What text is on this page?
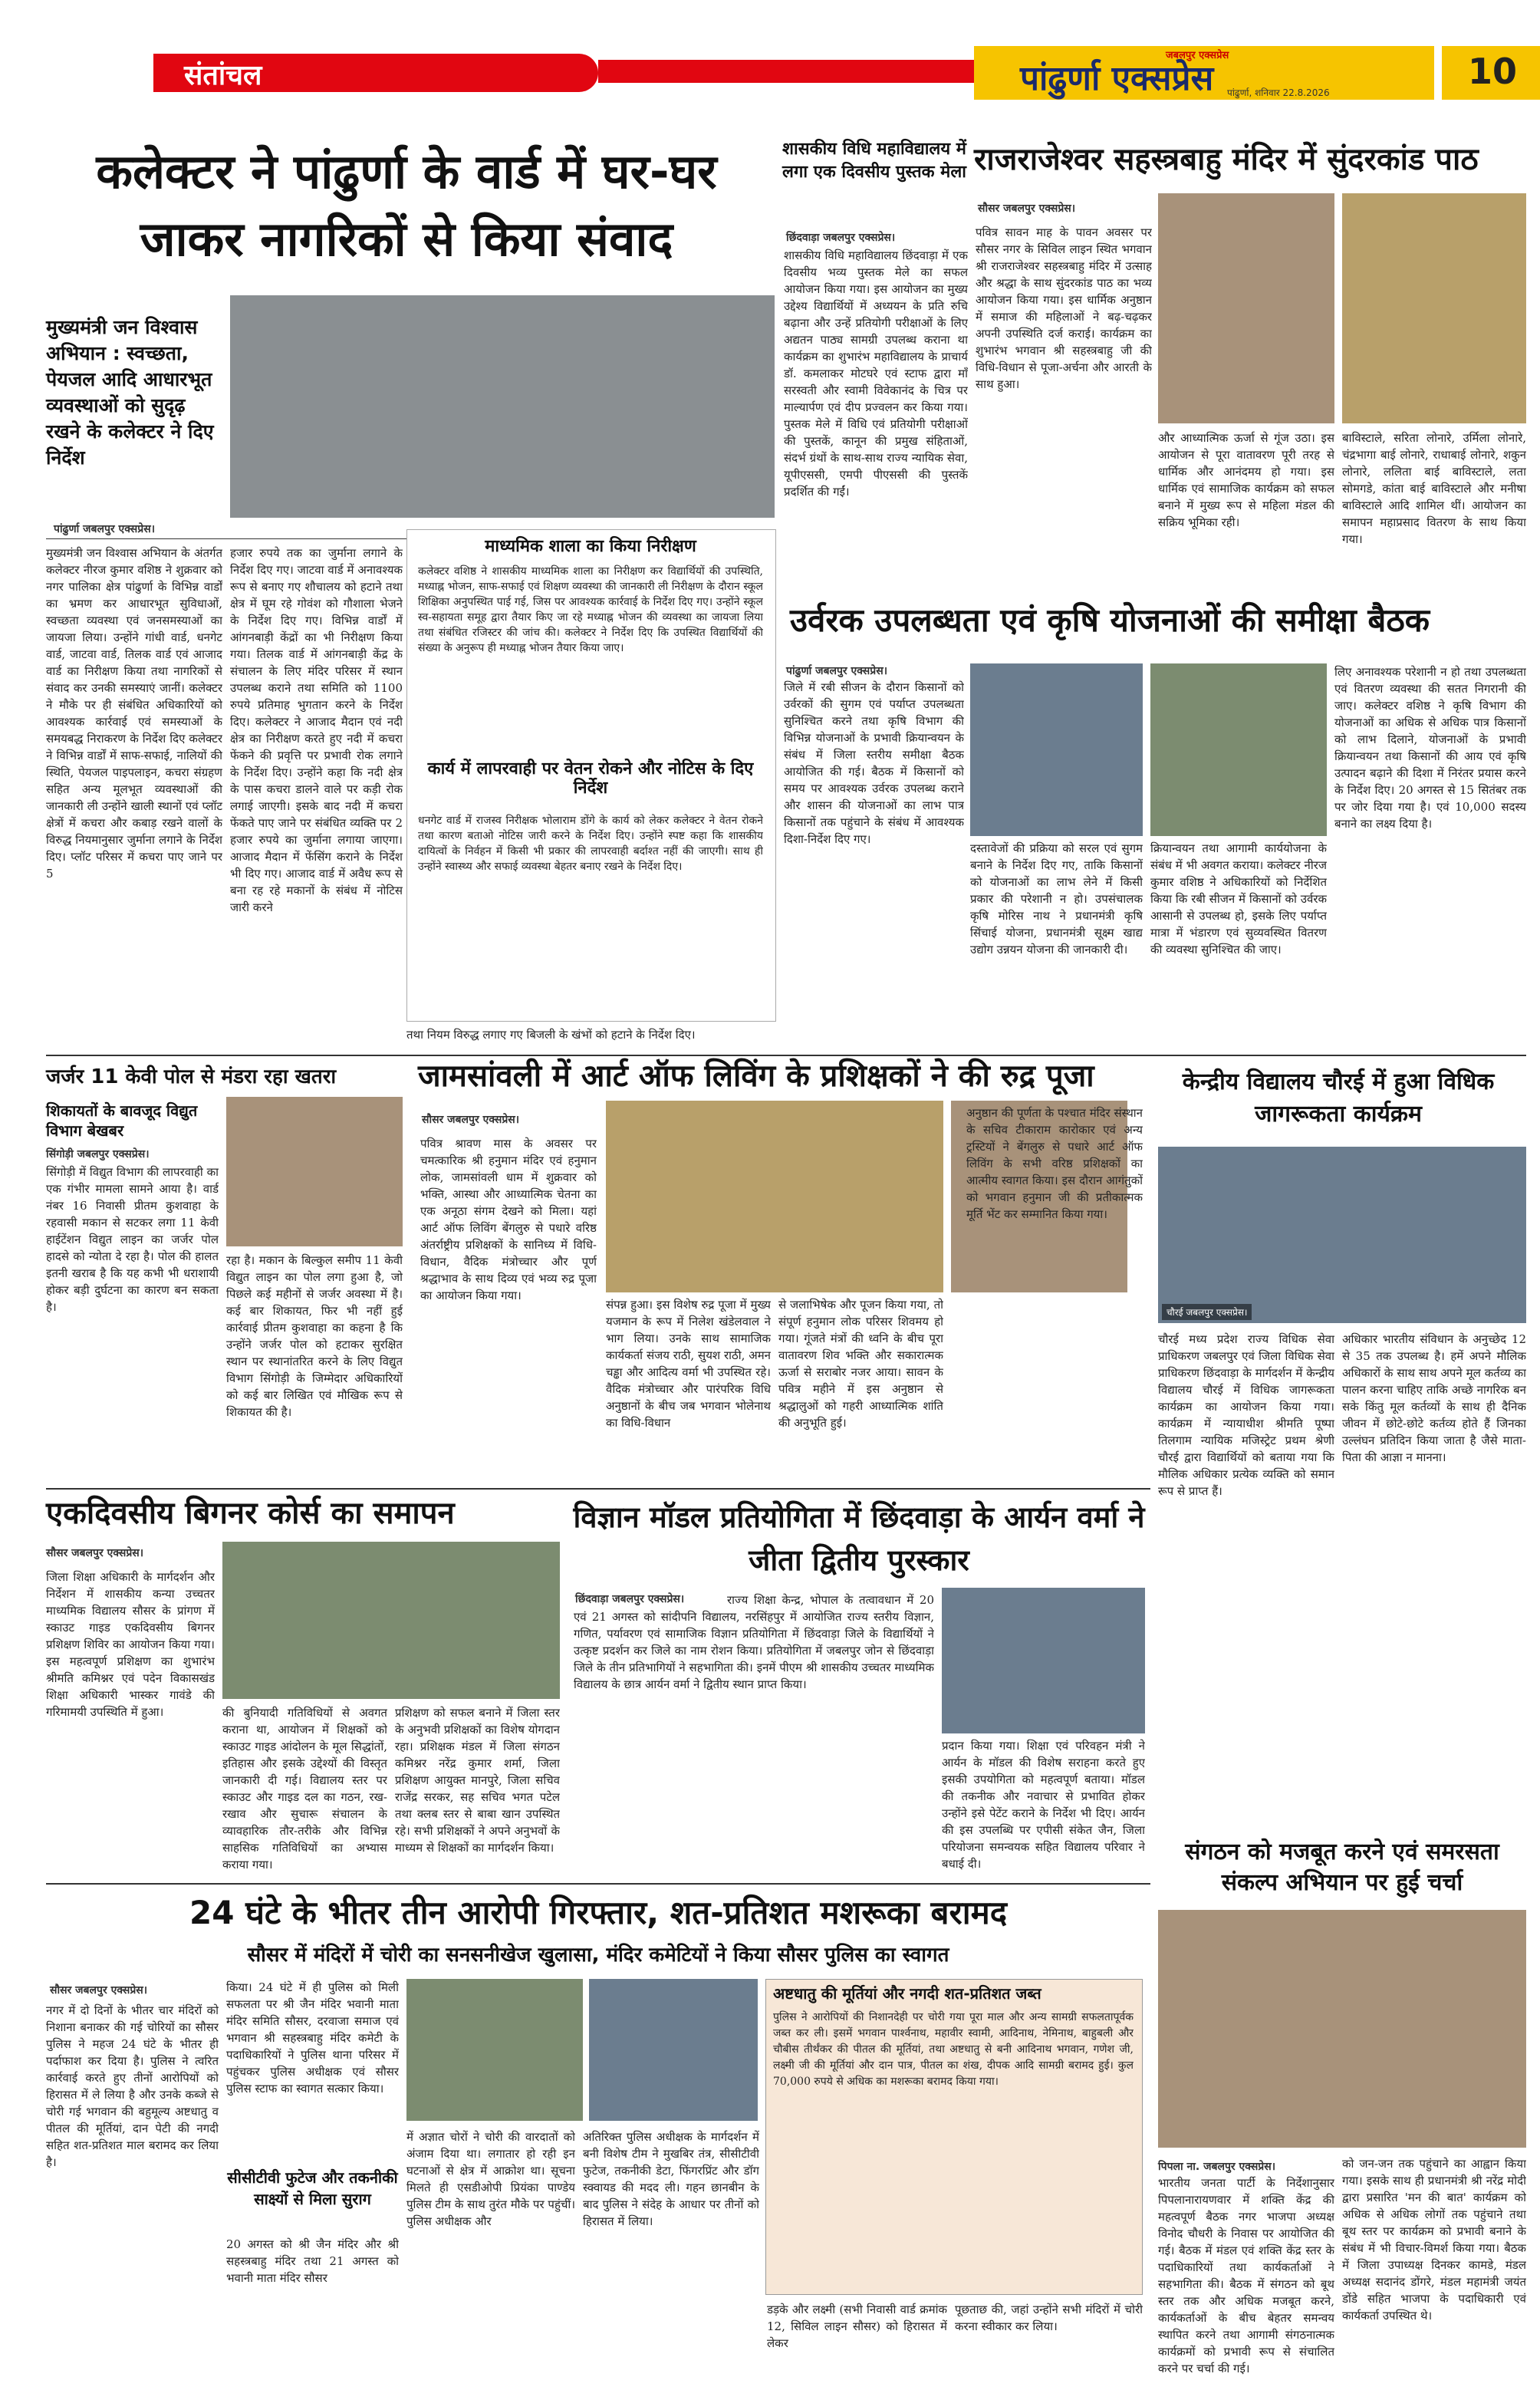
संतांचल
जबलपुर एक्सप्रेस
पांढुर्णा एक्सप्रेस पांढुर्णा, शनिवार 22.8.2026
10
कलेक्टर ने पांढुर्णा के वार्ड में घर-घर जाकर नागरिकों से किया संवाद
मुख्यमंत्री जन विश्वास अभियान : स्वच्छता, पेयजल आदि आधारभूत व्यवस्थाओं को सुदृढ़ रखने के कलेक्टर ने दिए निर्देश
पांढुर्णा जबलपुर एक्सप्रेस।
मुख्यमंत्री जन विश्वास अभियान के अंतर्गत कलेक्टर नीरज कुमार वशिष्ठ ने शुक्रवार को नगर पालिका क्षेत्र पांढुर्णा के विभिन्न वार्डों का भ्रमण कर आधारभूत सुविधाओं, स्वच्छता व्यवस्था एवं जनसमस्याओं का जायजा लिया। उन्होंने गांधी वार्ड, धनगेट वार्ड, जाटवा वार्ड, तिलक वार्ड एवं आजाद वार्ड का निरीक्षण किया तथा नागरिकों से संवाद कर उनकी समस्याएं जानीं। कलेक्टर ने मौके पर ही संबंधित अधिकारियों को आवश्यक कार्रवाई एवं समस्याओं के समयबद्ध निराकरण के निर्देश दिए कलेक्टर ने विभिन्न वार्डों में साफ-सफाई, नालियों की स्थिति, पेयजल पाइपलाइन, कचरा संग्रहण सहित अन्य मूलभूत व्यवस्थाओं की जानकारी ली उन्होंने खाली स्थानों एवं प्लॉट क्षेत्रों में कचरा और कबाड़ रखने वालों के विरुद्ध नियमानुसार जुर्माना लगाने के निर्देश दिए। प्लॉट परिसर में कचरा पाए जाने पर 5
हजार रुपये तक का जुर्माना लगाने के निर्देश दिए गए। जाटवा वार्ड में अनावश्यक रूप से बनाए गए शौचालय को हटाने तथा क्षेत्र में घूम रहे गोवंश को गौशाला भेजने के निर्देश दिए गए। विभिन्न वार्डों में आंगनबाड़ी केंद्रों का भी निरीक्षण किया गया। तिलक वार्ड में आंगनबाड़ी केंद्र के संचालन के लिए मंदिर परिसर में स्थान उपलब्ध कराने तथा समिति को 1100 रुपये प्रतिमाह भुगतान करने के निर्देश दिए। कलेक्टर ने आजाद मैदान एवं नदी क्षेत्र का निरीक्षण करते हुए नदी में कचरा फेंकने की प्रवृत्ति पर प्रभावी रोक लगाने के निर्देश दिए। उन्होंने कहा कि नदी क्षेत्र के पास कचरा डालने वाले पर कड़ी रोक लगाई जाएगी। इसके बाद नदी में कचरा फेंकते पाए जाने पर संबंधित व्यक्ति पर 2 हजार रुपये का जुर्माना लगाया जाएगा। आजाद मैदान में फेंसिंग कराने के निर्देश भी दिए गए। आजाद वार्ड में अवैध रूप से बना रह रहे मकानों के संबंध में नोटिस जारी करने
माध्यमिक शाला का किया निरीक्षण
कलेक्टर वशिष्ठ ने शासकीय माध्यमिक शाला का निरीक्षण कर विद्यार्थियों की उपस्थिति, मध्याह्न भोजन, साफ-सफाई एवं शिक्षण व्यवस्था की जानकारी ली निरीक्षण के दौरान स्कूल शिक्षिका अनुपस्थित पाई गई, जिस पर आवश्यक कार्रवाई के निर्देश दिए गए। उन्होंने स्कूल स्व-सहायता समूह द्वारा तैयार किए जा रहे मध्याह्न भोजन की व्यवस्था का जायजा लिया तथा संबंधित रजिस्टर की जांच की। कलेक्टर ने निर्देश दिए कि उपस्थित विद्यार्थियों की संख्या के अनुरूप ही मध्याह्न भोजन तैयार किया जाए।
कार्य में लापरवाही पर वेतन रोकने और नोटिस के दिए निर्देश
धनगेट वार्ड में राजस्व निरीक्षक भोलाराम डोंगे के कार्य को लेकर कलेक्टर ने वेतन रोकने तथा कारण बताओ नोटिस जारी करने के निर्देश दिए। उन्होंने स्पष्ट कहा कि शासकीय दायित्वों के निर्वहन में किसी भी प्रकार की लापरवाही बर्दाश्त नहीं की जाएगी। साथ ही उन्होंने स्वास्थ्य और सफाई व्यवस्था बेहतर बनाए रखने के निर्देश दिए।
तथा नियम विरुद्ध लगाए गए बिजली के खंभों को हटाने के निर्देश दिए।
शासकीय विधि महाविद्यालय में लगा एक दिवसीय पुस्तक मेला
छिंदवाड़ा जबलपुर एक्सप्रेस।
शासकीय विधि महाविद्यालय छिंदवाड़ा में एक दिवसीय भव्य पुस्तक मेले का सफल आयोजन किया गया। इस आयोजन का मुख्य उद्देश्य विद्यार्थियों में अध्ययन के प्रति रुचि बढ़ाना और उन्हें प्रतियोगी परीक्षाओं के लिए अद्यतन पाठ्य सामग्री उपलब्ध कराना था कार्यक्रम का शुभारंभ महाविद्यालय के प्राचार्य डॉ. कमलाकर मोटघरे एवं स्टाफ द्वारा माँ सरस्वती और स्वामी विवेकानंद के चित्र पर माल्यार्पण एवं दीप प्रज्वलन कर किया गया। पुस्तक मेले में विधि एवं प्रतियोगी परीक्षाओं की पुस्तकें, कानून की प्रमुख संहिताओं, संदर्भ ग्रंथों के साथ-साथ राज्य न्यायिक सेवा, यूपीएससी, एमपी पीएससी की पुस्तकें प्रदर्शित की गईं।
राजराजेश्वर सहस्त्रबाहु मंदिर में सुंदरकांड पाठ
सौसर जबलपुर एक्सप्रेस।
पवित्र सावन माह के पावन अवसर पर सौसर नगर के सिविल लाइन स्थित भगवान श्री राजराजेश्वर सहस्त्रबाहु मंदिर में उत्साह और श्रद्धा के साथ सुंदरकांड पाठ का भव्य आयोजन किया गया। इस धार्मिक अनुष्ठान में समाज की महिलाओं ने बढ़-चढ़कर अपनी उपस्थिति दर्ज कराई। कार्यक्रम का शुभारंभ भगवान श्री सहस्त्रबाहु जी की विधि-विधान से पूजा-अर्चना और आरती के साथ हुआ।
और आध्यात्मिक ऊर्जा से गूंज उठा। इस आयोजन से पूरा वातावरण पूरी तरह से धार्मिक और आनंदमय हो गया। इस धार्मिक एवं सामाजिक कार्यक्रम को सफल बनाने में मुख्य रूप से महिला मंडल की सक्रिय भूमिका रही।
बाविस्टाले, सरिता लोनारे, उर्मिला लोनारे, चंद्रभागा बाई लोनारे, राधाबाई लोनारे, शकुन लोनारे, ललिता बाई बाविस्टाले, लता सोमगडे, कांता बाई बाविस्टाले और मनीषा बाविस्टाले आदि शामिल थीं। आयोजन का समापन महाप्रसाद वितरण के साथ किया गया।
उर्वरक उपलब्धता एवं कृषि योजनाओं की समीक्षा बैठक
पांढुर्णा जबलपुर एक्सप्रेस।
जिले में रबी सीजन के दौरान किसानों को उर्वरकों की सुगम एवं पर्याप्त उपलब्धता सुनिश्चित करने तथा कृषि विभाग की विभिन्न योजनाओं के प्रभावी क्रियान्वयन के संबंध में जिला स्तरीय समीक्षा बैठक आयोजित की गई। बैठक में किसानों को समय पर आवश्यक उर्वरक उपलब्ध कराने और शासन की योजनाओं का लाभ पात्र किसानों तक पहुंचाने के संबंध में आवश्यक दिशा-निर्देश दिए गए।
दस्तावेजों की प्रक्रिया को सरल एवं सुगम बनाने के निर्देश दिए गए, ताकि किसानों को योजनाओं का लाभ लेने में किसी प्रकार की परेशानी न हो। उपसंचालक कृषि मोरिस नाथ ने प्रधानमंत्री कृषि सिंचाई योजना, प्रधानमंत्री सूक्ष्म खाद्य उद्योग उन्नयन योजना की जानकारी दी।
क्रियान्वयन तथा आगामी कार्ययोजना के संबंध में भी अवगत कराया। कलेक्टर नीरज कुमार वशिष्ठ ने अधिकारियों को निर्देशित किया कि रबी सीजन में किसानों को उर्वरक आसानी से उपलब्ध हो, इसके लिए पर्याप्त मात्रा में भंडारण एवं सुव्यवस्थित वितरण की व्यवस्था सुनिश्चित की जाए।
लिए अनावश्यक परेशानी न हो तथा उपलब्धता एवं वितरण व्यवस्था की सतत निगरानी की जाए। कलेक्टर वशिष्ठ ने कृषि विभाग की योजनाओं का अधिक से अधिक पात्र किसानों को लाभ दिलाने, योजनाओं के प्रभावी क्रियान्वयन तथा किसानों की आय एवं कृषि उत्पादन बढ़ाने की दिशा में निरंतर प्रयास करने के निर्देश दिए। 20 अगस्त से 15 सितंबर तक पर जोर दिया गया है। एवं 10,000 सदस्य बनाने का लक्ष्य दिया है।
जर्जर 11 केवी पोल से मंडरा रहा खतरा
शिकायतों के बावजूद विद्युत विभाग बेखबर
सिंगोड़ी जबलपुर एक्सप्रेस।
सिंगोड़ी में विद्युत विभाग की लापरवाही का एक गंभीर मामला सामने आया है। वार्ड नंबर 16 निवासी प्रीतम कुशवाहा के रहवासी मकान से सटकर लगा 11 केवी हाईटेंशन विद्युत लाइन का जर्जर पोल हादसे को न्योता दे रहा है। पोल की हालत इतनी खराब है कि यह कभी भी धराशायी होकर बड़ी दुर्घटना का कारण बन सकता है।
रहा है। मकान के बिल्कुल समीप 11 केवी विद्युत लाइन का पोल लगा हुआ है, जो पिछले कई महीनों से जर्जर अवस्था में है। कई बार शिकायत, फिर भी नहीं हुई कार्रवाई प्रीतम कुशवाहा का कहना है कि उन्होंने जर्जर पोल को हटाकर सुरक्षित स्थान पर स्थानांतरित करने के लिए विद्युत विभाग सिंगोड़ी के जिम्मेदार अधिकारियों को कई बार लिखित एवं मौखिक रूप से शिकायत की है।
जामसांवली में आर्ट ऑफ लिविंग के प्रशिक्षकों ने की रुद्र पूजा
सौसर जबलपुर एक्सप्रेस।
पवित्र श्रावण मास के अवसर पर चमत्कारिक श्री हनुमान मंदिर एवं हनुमान लोक, जामसांवली धाम में शुक्रवार को भक्ति, आस्था और आध्यात्मिक चेतना का एक अनूठा संगम देखने को मिला। यहां आर्ट ऑफ लिविंग बेंगलुरु से पधारे वरिष्ठ अंतर्राष्ट्रीय प्रशिक्षकों के सानिध्य में विधि-विधान, वैदिक मंत्रोच्चार और पूर्ण श्रद्धाभाव के साथ दिव्य एवं भव्य रुद्र पूजा का आयोजन किया गया।
संपन्न हुआ। इस विशेष रुद्र पूजा में मुख्य यजमान के रूप में निलेश खंडेलवाल ने भाग लिया। उनके साथ सामाजिक कार्यकर्ता संजय राठी, सुयश राठी, अमन चड्ढा और आदित्य वर्मा भी उपस्थित रहे। वैदिक मंत्रोच्चार और पारंपरिक विधि अनुष्ठानों के बीच जब भगवान भोलेनाथ का विधि-विधान
से जलाभिषेक और पूजन किया गया, तो संपूर्ण हनुमान लोक परिसर शिवमय हो गया। गूंजते मंत्रों की ध्वनि के बीच पूरा वातावरण शिव भक्ति और सकारात्मक ऊर्जा से सराबोर नजर आया। सावन के पवित्र महीने में इस अनुष्ठान से श्रद्धालुओं को गहरी आध्यात्मिक शांति की अनुभूति हुई।
अनुष्ठान की पूर्णता के पश्चात मंदिर संस्थान के सचिव टीकाराम कारोकार एवं अन्य ट्रस्टियों ने बेंगलुरु से पधारे आर्ट ऑफ लिविंग के सभी वरिष्ठ प्रशिक्षकों का आत्मीय स्वागत किया। इस दौरान आगंतुकों को भगवान हनुमान जी की प्रतीकात्मक मूर्ति भेंट कर सम्मानित किया गया।
केन्द्रीय विद्यालय चौरई में हुआ विधिक जागरूकता कार्यक्रम
चौरई जबलपुर एक्सप्रेस।
चौरई मध्य प्रदेश राज्य विधिक सेवा प्राधिकरण जबलपुर एवं जिला विधिक सेवा प्राधिकरण छिंदवाड़ा के मार्गदर्शन में केन्द्रीय विद्यालय चौरई में विधिक जागरूकता कार्यक्रम का आयोजन किया गया। कार्यक्रम में न्यायाधीश श्रीमति पूष्पा तिलगाम न्यायिक मजिस्ट्रेट प्रथम श्रेणी चौरई द्वारा विद्यार्थियों को बताया गया कि मौलिक अधिकार प्रत्येक व्यक्ति को समान रूप से प्राप्त हैं।
अधिकार भारतीय संविधान के अनुच्छेद 12 से 35 तक उपलब्ध है। हमें अपने मौलिक अधिकारों के साथ साथ अपने मूल कर्तव्य का पालन करना चाहिए ताकि अच्छे नागरिक बन सके किंतु मूल कर्तव्यों के साथ ही दैनिक जीवन में छोटे-छोटे कर्तव्य होते हैं जिनका उल्लंघन प्रतिदिन किया जाता है जैसे माता-पिता की आज्ञा न मानना।
एकदिवसीय बिगनर कोर्स का समापन
सौसर जबलपुर एक्सप्रेस।
जिला शिक्षा अधिकारी के मार्गदर्शन और निर्देशन में शासकीय कन्या उच्चतर माध्यमिक विद्यालय सौसर के प्रांगण में स्काउट गाइड एकदिवसीय बिगनर प्रशिक्षण शिविर का आयोजन किया गया। इस महत्वपूर्ण प्रशिक्षण का शुभारंभ श्रीमति कमिश्नर एवं पदेन विकासखंड शिक्षा अधिकारी भास्कर गावंडे की गरिमामयी उपस्थिति में हुआ।	की बुनियादी गतिविधियों से अवगत कराना था, आयोजन में शिक्षकों को स्काउट गाइड आंदोलन के मूल सिद्धांतों, इतिहास और इसके उद्देश्यों की विस्तृत जानकारी दी गई। विद्यालय स्तर पर स्काउट और गाइड दल का गठन, रख-रखाव और सुचारू संचालन के व्यावहारिक तौर-तरीके और विभिन्न साहसिक गतिविधियों का अभ्यास कराया गया।
प्रशिक्षण को सफल बनाने में जिला स्तर के अनुभवी प्रशिक्षकों का विशेष योगदान रहा। प्रशिक्षक मंडल में जिला संगठन कमिश्नर नरेंद्र कुमार शर्मा, जिला प्रशिक्षण आयुक्त मानपुरे, जिला सचिव राजेंद्र सरकर, सह सचिव भगत पटेल तथा क्लब स्तर से बाबा खान उपस्थित रहे। सभी प्रशिक्षकों ने अपने अनुभवों के माध्यम से शिक्षकों का मार्गदर्शन किया।
विज्ञान मॉडल प्रतियोगिता में छिंदवाड़ा के आर्यन वर्मा ने जीता द्वितीय पुरस्कार
छिंदवाड़ा जबलपुर एक्सप्रेस।	राज्य शिक्षा केन्द्र, भोपाल के तत्वावधान में 20 एवं 21 अगस्त को सांदीपनि विद्यालय, नरसिंहपुर में आयोजित राज्य स्तरीय विज्ञान, गणित, पर्यावरण एवं सामाजिक विज्ञान प्रतियोगिता में छिंदवाड़ा जिले के विद्यार्थियों ने उत्कृष्ट प्रदर्शन कर जिले का नाम रोशन किया। प्रतियोगिता में जबलपुर जोन से छिंदवाड़ा जिले के तीन प्रतिभागियों ने सहभागिता की। इनमें पीएम श्री शासकीय उच्चतर माध्यमिक विद्यालय के छात्र आर्यन वर्मा ने द्वितीय स्थान प्राप्त किया।
प्रदान किया गया। शिक्षा एवं परिवहन मंत्री ने आर्यन के मॉडल की विशेष सराहना करते हुए इसकी उपयोगिता को महत्वपूर्ण बताया। मॉडल की तकनीक और नवाचार से प्रभावित होकर उन्होंने इसे पेटेंट कराने के निर्देश भी दिए। आर्यन की इस उपलब्धि पर एपीसी संकेत जैन, जिला परियोजना समन्वयक सहित विद्यालय परिवार ने बधाई दी।	संगठन को मजबूत करने एवं समरसता संकल्प अभियान पर हुई चर्चा
पिपला ना. जबलपुर एक्सप्रेस।
भारतीय जनता पार्टी के निर्देशानुसार पिपलानारायणवार में शक्ति केंद्र की महत्वपूर्ण बैठक नगर भाजपा अध्यक्ष विनोद चौधरी के निवास पर आयोजित की गई। बैठक में मंडल एवं शक्ति केंद्र स्तर के पदाधिकारियों तथा कार्यकर्ताओं ने सहभागिता की। बैठक में संगठन को बूथ स्तर तक और अधिक मजबूत करने, कार्यकर्ताओं के बीच बेहतर समन्वय स्थापित करने तथा आगामी संगठनात्मक कार्यक्रमों को प्रभावी रूप से संचालित करने पर चर्चा की गई।
को जन-जन तक पहुंचाने का आह्वान किया गया। इसके साथ ही प्रधानमंत्री श्री नरेंद्र मोदी द्वारा प्रसारित 'मन की बात' कार्यक्रम को अधिक से अधिक लोगों तक पहुंचाने तथा बूथ स्तर पर कार्यक्रम को प्रभावी बनाने के संबंध में भी विचार-विमर्श किया गया। बैठक में जिला उपाध्यक्ष दिनकर कामडे, मंडल अध्यक्ष सदानंद डोंगरे, मंडल महामंत्री जयंत डोंडे सहित भाजपा के पदाधिकारी एवं कार्यकर्ता उपस्थित थे।
24 घंटे के भीतर तीन आरोपी गिरफ्तार, शत-प्रतिशत मशरूका बरामद
सौसर में मंदिरों में चोरी का सनसनीखेज खुलासा, मंदिर कमेटियों ने किया सौसर पुलिस का स्वागत
सौसर जबलपुर एक्सप्रेस।
नगर में दो दिनों के भीतर चार मंदिरों को निशाना बनाकर की गई चोरियों का सौसर पुलिस ने महज 24 घंटे के भीतर ही पर्दाफाश कर दिया है। पुलिस ने त्वरित कार्रवाई करते हुए तीनों आरोपियों को हिरासत में ले लिया है और उनके कब्जे से चोरी गई भगवान की बहुमूल्य अष्टधातु व पीतल की मूर्तियां, दान पेटी की नगदी सहित शत-प्रतिशत माल बरामद कर लिया है।
किया। 24 घंटे में ही पुलिस को मिली सफलता पर श्री जैन मंदिर भवानी माता मंदिर समिति सौसर, दरवाजा समाज एवं भगवान श्री सहस्त्रबाहु मंदिर कमेटी के पदाधिकारियों ने पुलिस थाना परिसर में पहुंचकर पुलिस अधीक्षक एवं सौसर पुलिस स्टाफ का स्वागत सत्कार किया।
सीसीटीवी फुटेज और तकनीकी साक्ष्यों से मिला सुराग
20 अगस्त को श्री जैन मंदिर और श्री सहस्त्रबाहु मंदिर तथा 21 अगस्त को भवानी माता मंदिर सौसर
में अज्ञात चोरों ने चोरी की वारदातों को अंजाम दिया था। लगातार हो रही इन घटनाओं से क्षेत्र में आक्रोश था। सूचना मिलते ही एसडीओपी प्रियंका पाण्डेय पुलिस टीम के साथ तुरंत मौके पर पहुंचीं। पुलिस अधीक्षक और
अतिरिक्त पुलिस अधीक्षक के मार्गदर्शन में बनी विशेष टीम ने मुखबिर तंत्र, सीसीटीवी फुटेज, तकनीकी डेटा, फिंगरप्रिंट और डॉग स्क्वायड की मदद ली। गहन छानबीन के बाद पुलिस ने संदेह के आधार पर तीनों को हिरासत में लिया।
अष्टधातु की मूर्तियां और नगदी शत-प्रतिशत जब्त
पुलिस ने आरोपियों की निशानदेही पर चोरी गया पूरा माल और अन्य सामग्री सफलतापूर्वक जब्त कर ली। इसमें भगवान पार्श्वनाथ, महावीर स्वामी, आदिनाथ, नेमिनाथ, बाहुबली और चौबीस तीर्थंकर की पीतल की मूर्तियां, तथा अष्टधातु से बनी आदिनाथ भगवान, गणेश जी, लक्ष्मी जी की मूर्तियां और दान पात्र, पीतल का शंख, दीपक आदि सामग्री बरामद हुई। कुल 70,000 रुपये से अधिक का मशरूका बरामद किया गया।
डड़के और लक्ष्मी (सभी निवासी वार्ड क्रमांक 12, सिविल लाइन सौसर) को हिरासत में लेकर
पूछताछ की, जहां उन्होंने सभी मंदिरों में चोरी करना स्वीकार कर लिया।
